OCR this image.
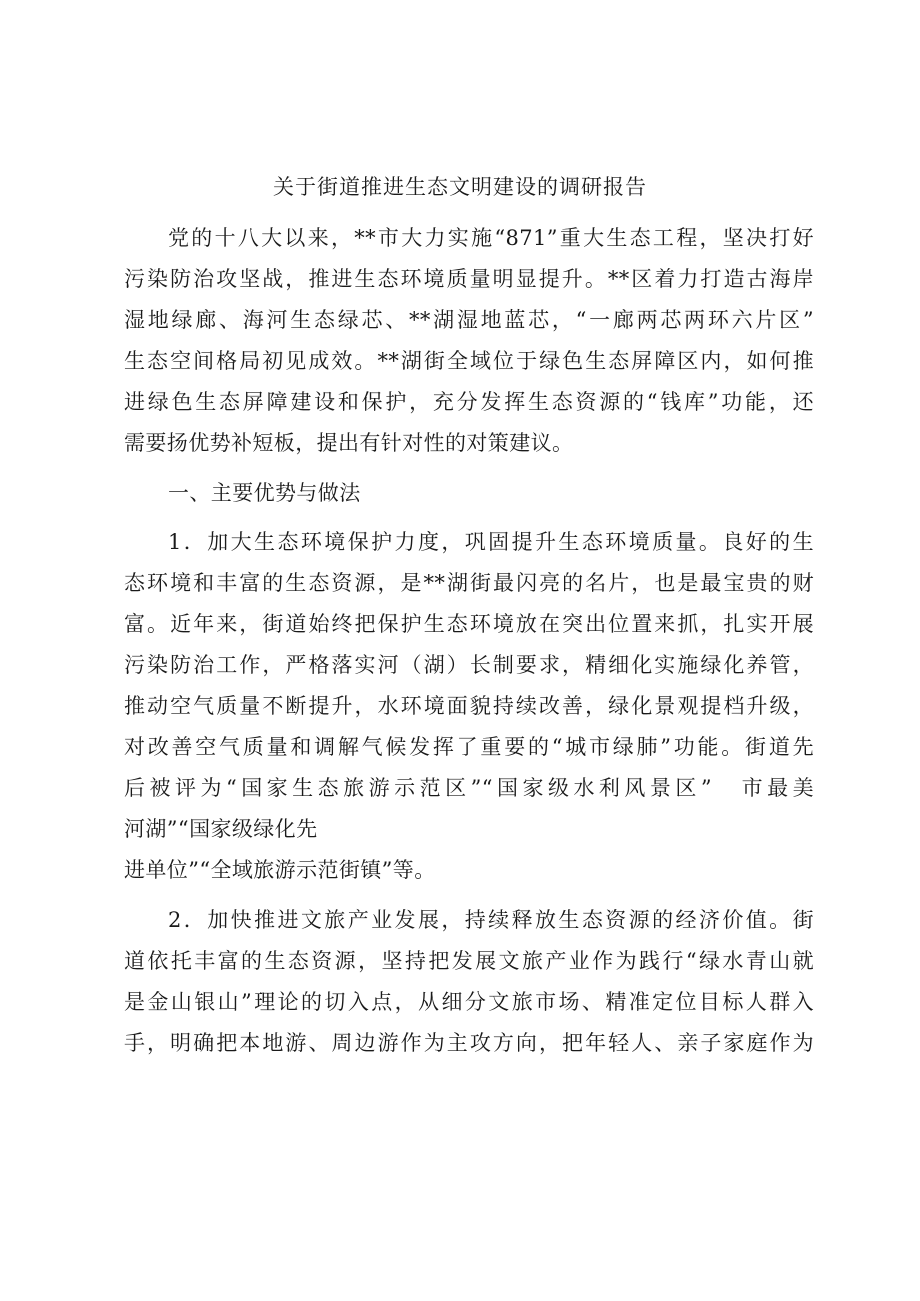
关于街道推进生态文明建设的调研报告
党的十八大以来，**市大力实施“871”重大生态工程，坚决打好
污染防治攻坚战，推进生态环境质量明显提升。**区着力打造古海岸
湿地绿廊、海河生态绿芯、**湖湿地蓝芯，“一廊两芯两环六片区”
生态空间格局初见成效。**湖街全域位于绿色生态屏障区内，如何推
进绿色生态屏障建设和保护，充分发挥生态资源的“钱库”功能，还
需要扬优势补短板，提出有针对性的对策建议。
一、主要优势与做法
1．加大生态环境保护力度，巩固提升生态环境质量。良好的生
态环境和丰富的生态资源，是**湖街最闪亮的名片，也是最宝贵的财
富。近年来，街道始终把保护生态环境放在突出位置来抓，扎实开展
污染防治工作，严格落实河（湖）长制要求，精细化实施绿化养管，
推动空气质量不断提升，水环境面貌持续改善，绿化景观提档升级，
对改善空气质量和调解气候发挥了重要的“城市绿肺”功能。街道先
后被评为“国家生态旅游示范区”“国家级水利风景区”　市最美
河湖”“国家级绿化先
进单位”“全域旅游示范街镇”等。
2．加快推进文旅产业发展，持续释放生态资源的经济价值。街
道依托丰富的生态资源，坚持把发展文旅产业作为践行“绿水青山就
是金山银山”理论的切入点，从细分文旅市场、精准定位目标人群入
手，明确把本地游、周边游作为主攻方向，把年轻人、亲子家庭作为
